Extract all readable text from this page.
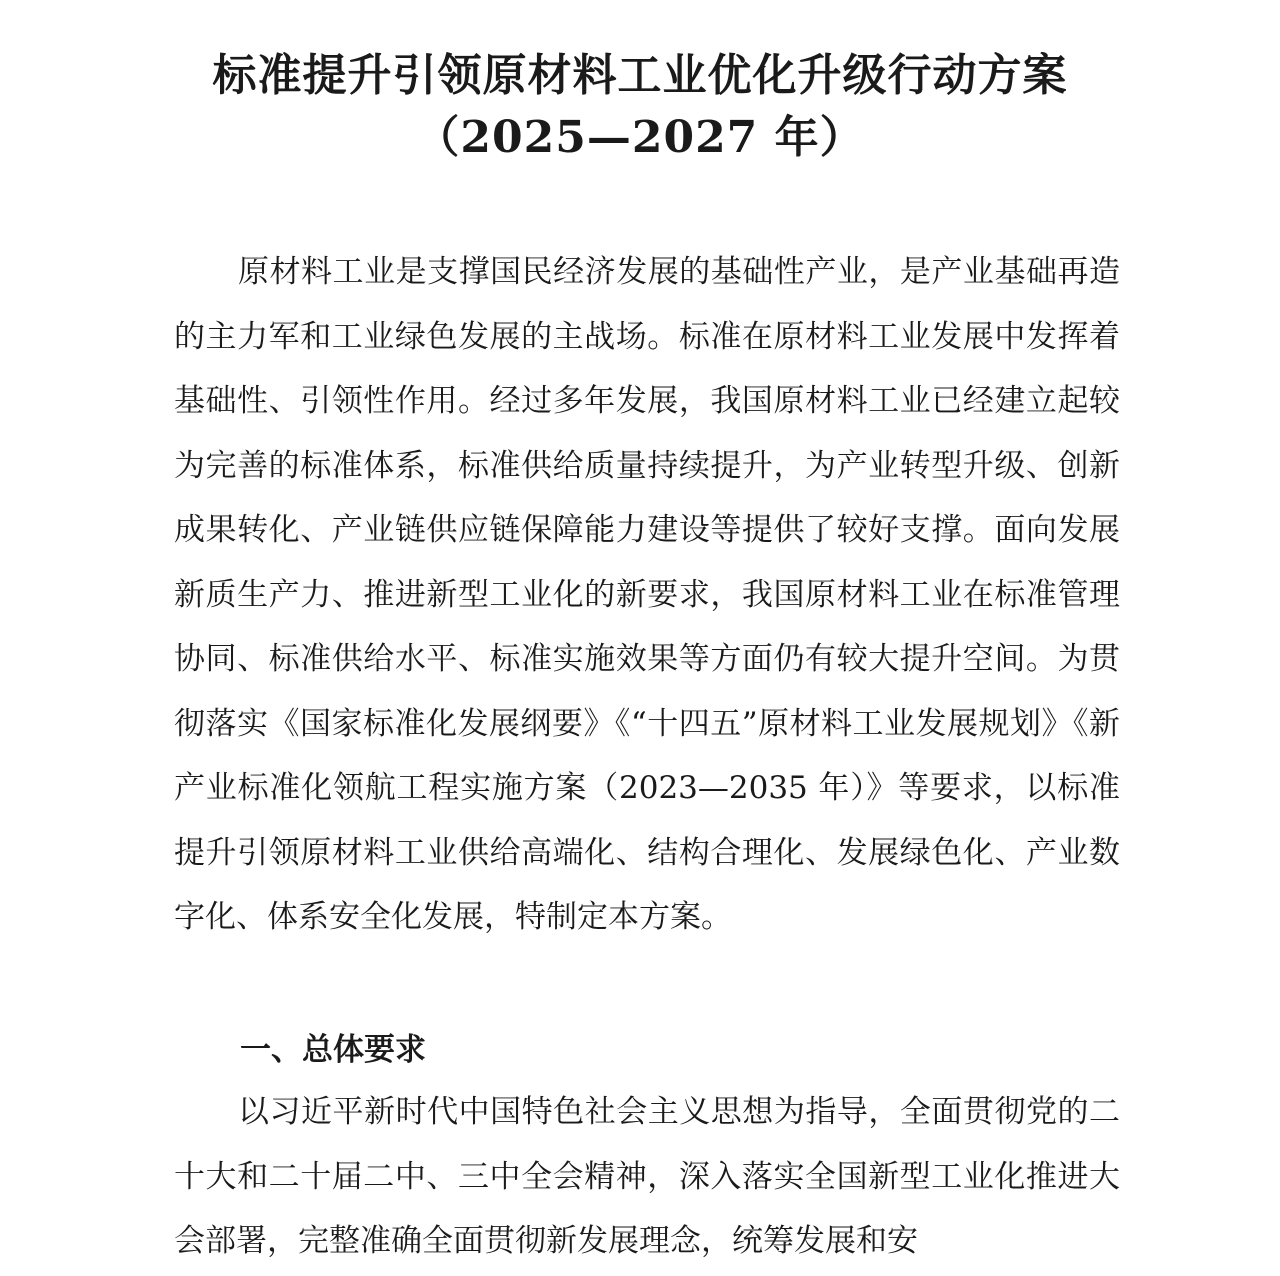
标准提升引领原材料工业优化升级行动方案
（2025—2027 年）
原材料工业是支撑国民经济发展的基础性产业，是产业基础再造的主力军和工业绿色发展的主战场。标准在原材料工业发展中发挥着基础性、引领性作用。经过多年发展，我国原材料工业已经建立起较为完善的标准体系，标准供给质量持续提升，为产业转型升级、创新成果转化、产业链供应链保障能力建设等提供了较好支撑。面向发展新质生产力、推进新型工业化的新要求，我国原材料工业在标准管理协同、标准供给水平、标准实施效果等方面仍有较大提升空间。为贯彻落实《国家标准化发展纲要》《“十四五”原材料工业发展规划》《新产业标准化领航工程实施方案（2023—2035 年）》等要求，以标准提升引领原材料工业供给高端化、结构合理化、发展绿色化、产业数字化、体系安全化发展，特制定本方案。
一、总体要求
以习近平新时代中国特色社会主义思想为指导，全面贯彻党的二十大和二十届二中、三中全会精神，深入落实全国新型工业化推进大会部署，完整准确全面贯彻新发展理念，统筹发展和安
